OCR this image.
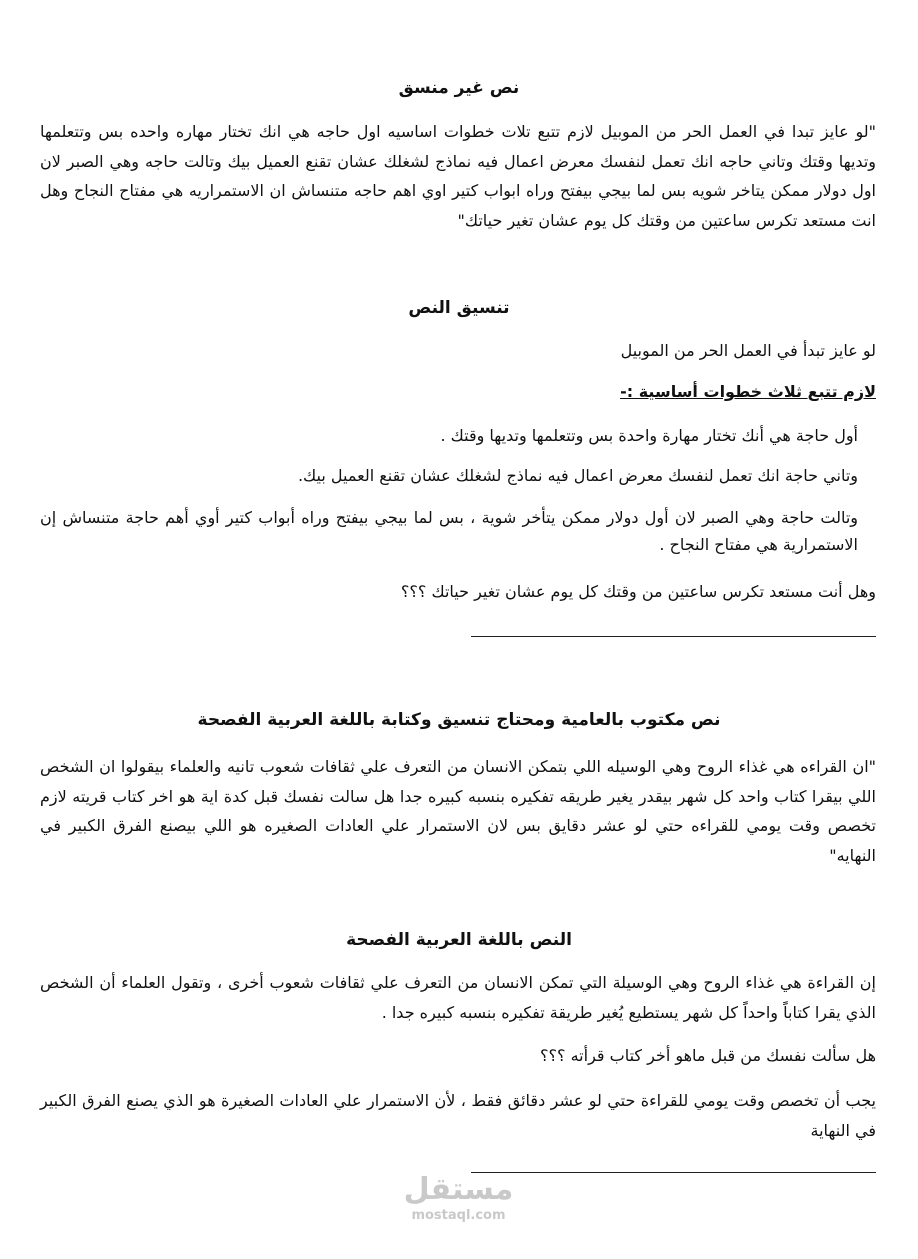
نص غير منسق

"لو عايز تبدا في العمل الحر من الموبيل لازم تتبع تلات خطوات اساسيه اول حاجه هي انك تختار مهاره واحده بس وتتعلمها وتديها وقتك وتاني حاجه انك تعمل لنفسك معرض اعمال فيه نماذج لشغلك عشان تقنع العميل بيك وتالت حاجه وهي الصبر لان اول دولار ممكن يتاخر شويه بس لما بيجي بيفتح وراه ابواب كتير اوي اهم حاجه متنساش ان الاستمراريه هي مفتاح النجاح وهل انت مستعد تكرس ساعتين من وقتك كل يوم عشان تغير حياتك"

تنسيق النص

لو عايز تبدأ في العمل الحر من الموبيل

لازم تتبع ثلاث خطوات أساسية :-

أول حاجة هي أنك تختار مهارة واحدة بس وتتعلمها وتديها وقتك .

وتاني حاجة انك تعمل لنفسك معرض اعمال فيه نماذج لشغلك عشان تقنع العميل بيك.

وتالت حاجة وهي الصبر لان أول دولار ممكن يتأخر شوية ، بس لما بيجي بيفتح وراه أبواب كتير أوي أهم حاجة متنساش إن الاستمرارية هي مفتاح النجاح .

وهل أنت مستعد تكرس ساعتين من وقتك كل يوم عشان تغير حياتك ؟؟؟

نص مكتوب بالعامية ومحتاج تنسيق وكتابة باللغة العربية الفصحة

"ان القراءه هي غذاء الروح وهي الوسيله اللي بتمكن الانسان من التعرف علي ثقافات شعوب تانيه والعلماء بيقولوا ان الشخص اللي بيقرا كتاب واحد كل شهر بيقدر يغير طريقه تفكيره بنسبه كبيره جدا هل سالت نفسك قبل كدة اية هو اخر كتاب قريته لازم تخصص وقت يومي للقراءه حتي لو عشر دقايق بس لان الاستمرار علي العادات الصغيره هو اللي بيصنع الفرق الكبير في النهايه"

النص باللغة العربية الفصحة

إن القراءة هي غذاء الروح وهي الوسيلة التي تمكن الانسان من التعرف علي ثقافات شعوب أخرى ، وتقول العلماء أن الشخص الذي يقرا كتاباًً واحداًً كل شهر يستطيع يُغير طريقة تفكيره بنسبه كبيره جدا .

هل سألت نفسك من قبل ماهو أخر كتاب قرأته ؟؟؟

يجب أن تخصص وقت يومي للقراءة حتي لو عشر دقائق فقط ، لأن الاستمرار علي العادات الصغيرة هو الذي يصنع الفرق الكبير في النهاية

مستقل
mostaql.com
